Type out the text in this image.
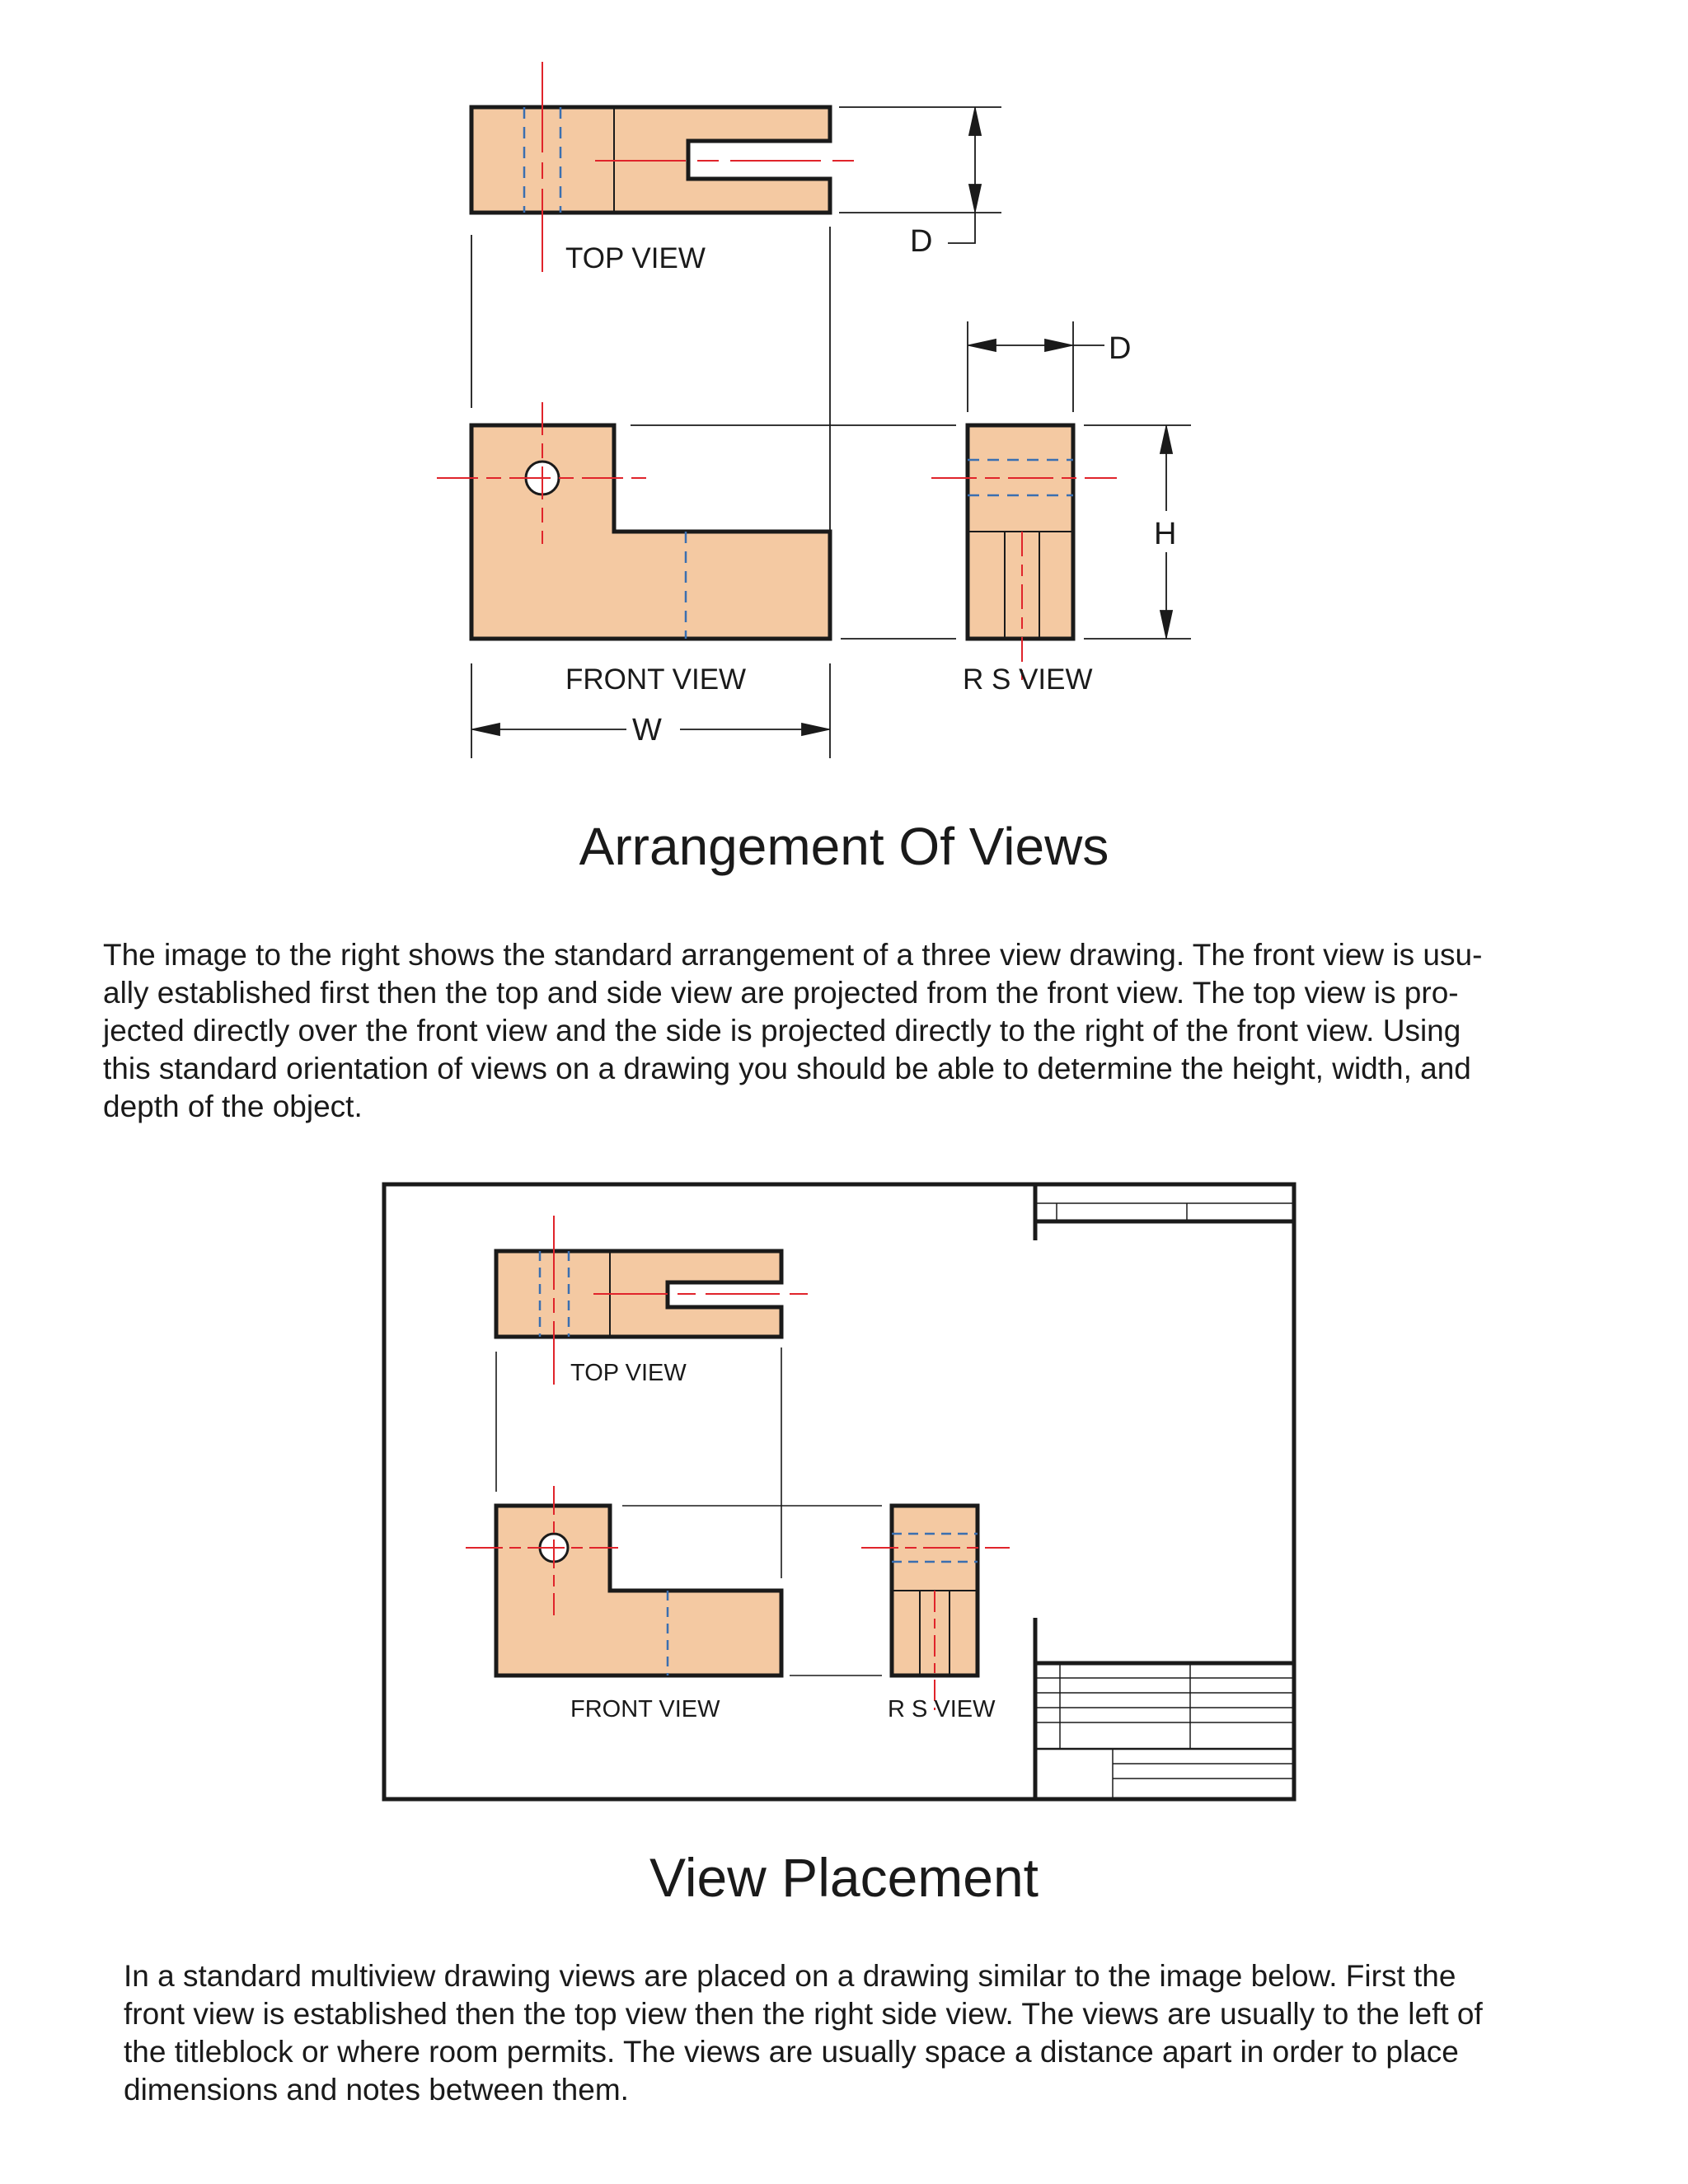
TOP VIEW
FRONT VIEW	R S VIEW
D
D
H
W
TOP VIEW
FRONT VIEW	R S VIEW
Arrangement Of Views
The image to the right shows the standard arrangement of a three view drawing. The front view is usu-
ally established first then the top and side view are projected from the front view. The top view is pro-
jected directly over the front view and the side is projected directly to the right of the front view. Using
this standard orientation of views on a drawing you should be able to determine the height, width, and
depth of the object.
View Placement
In a standard multiview drawing views are placed on a drawing similar to the image below. First the
front view is established then the top view then the right side view. The views are usually to the left of
the titleblock or where room permits. The views are usually space a distance apart in order to place
dimensions and notes between them.
